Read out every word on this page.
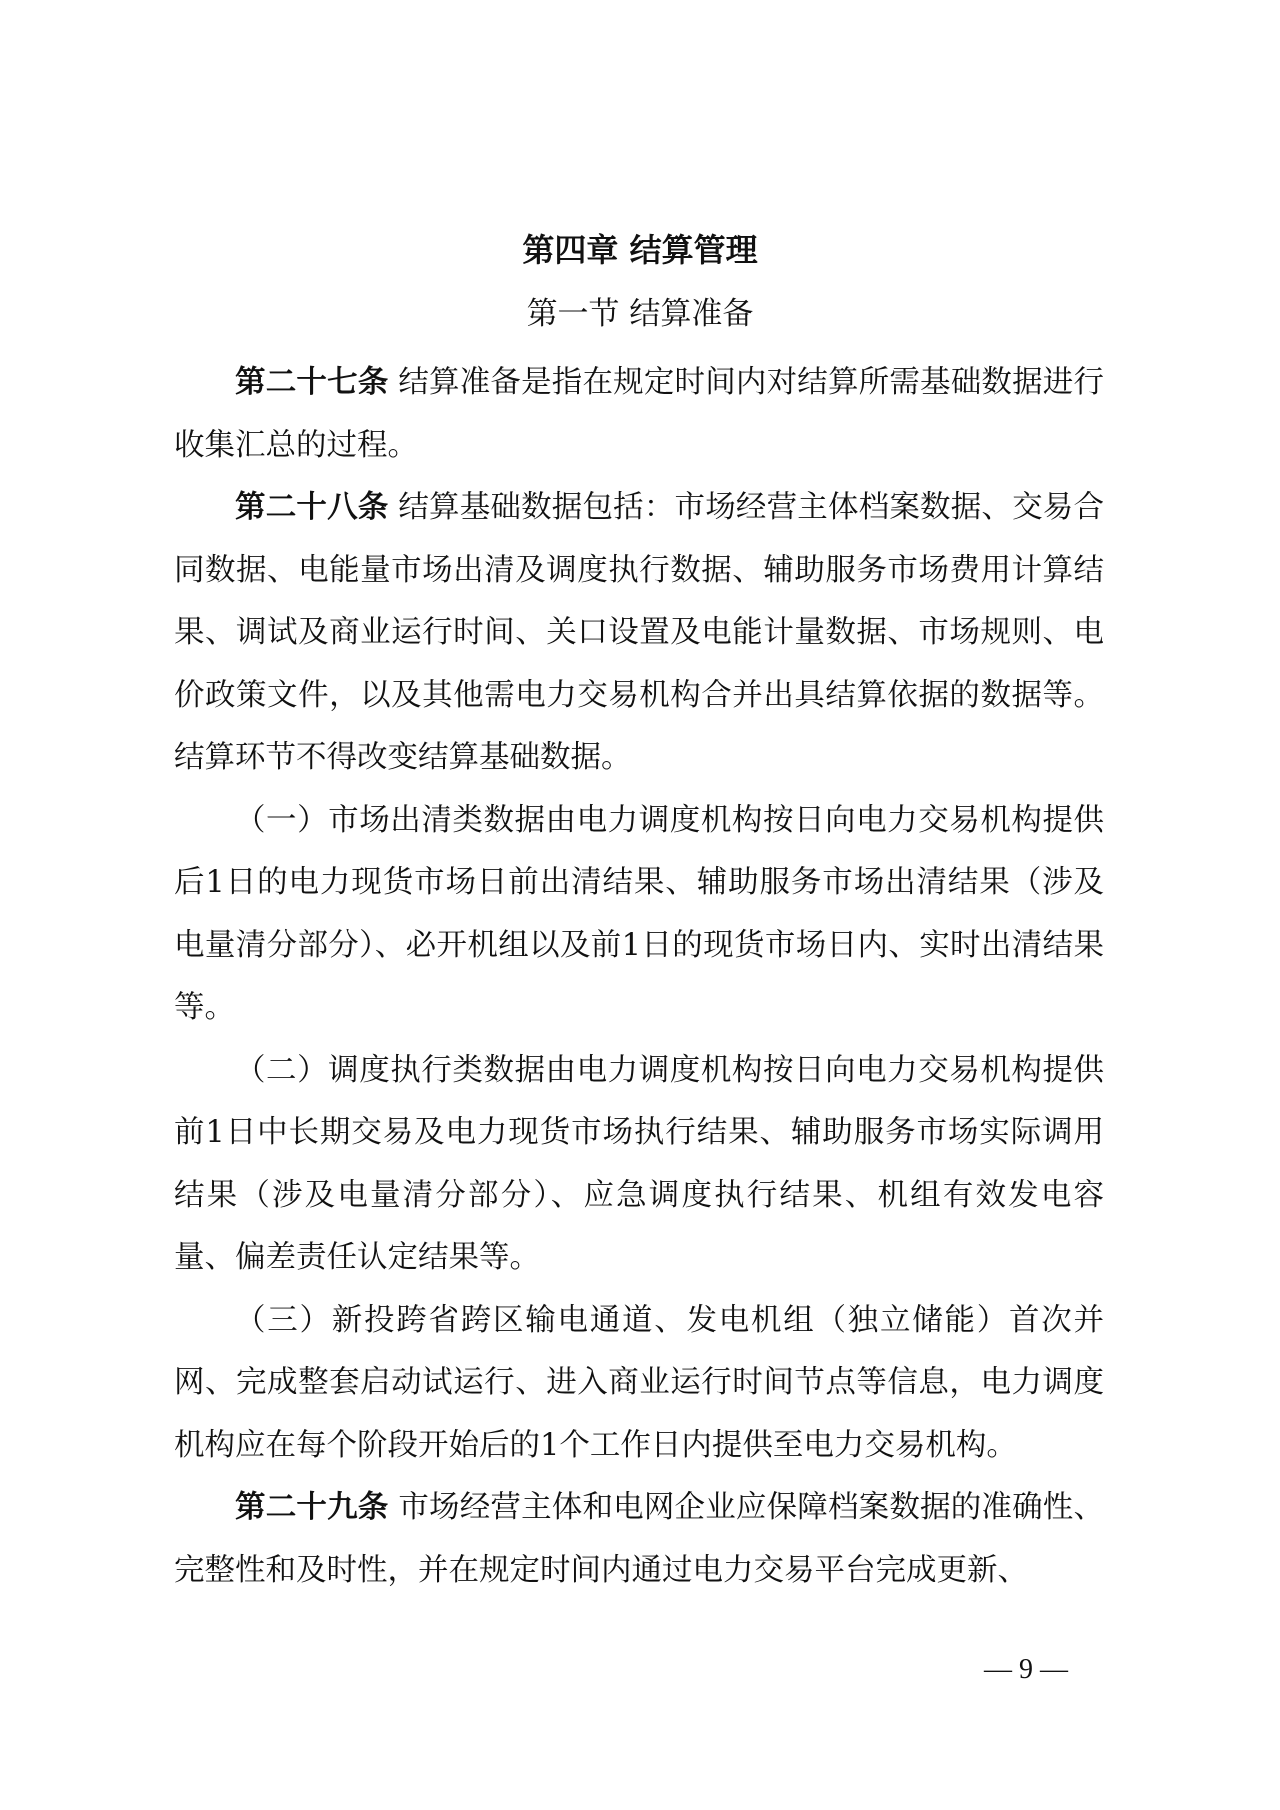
第四章 结算管理
第一节 结算准备

第二十七条 结算准备是指在规定时间内对结算所需基础数据进行收集汇总的过程。

第二十八条 结算基础数据包括：市场经营主体档案数据、交易合同数据、电能量市场出清及调度执行数据、辅助服务市场费用计算结果、调试及商业运行时间、关口设置及电能计量数据、市场规则、电价政策文件，以及其他需电力交易机构合并出具结算依据的数据等。结算环节不得改变结算基础数据。

（一）市场出清类数据由电力调度机构按日向电力交易机构提供后1日的电力现货市场日前出清结果、辅助服务市场出清结果（涉及电量清分部分）、必开机组以及前1日的现货市场日内、实时出清结果等。

（二）调度执行类数据由电力调度机构按日向电力交易机构提供前1日中长期交易及电力现货市场执行结果、辅助服务市场实际调用结果（涉及电量清分部分）、应急调度执行结果、机组有效发电容量、偏差责任认定结果等。

（三）新投跨省跨区输电通道、发电机组（独立储能）首次并网、完成整套启动试运行、进入商业运行时间节点等信息，电力调度机构应在每个阶段开始后的1个工作日内提供至电力交易机构。

第二十九条 市场经营主体和电网企业应保障档案数据的准确性、完整性和及时性，并在规定时间内通过电力交易平台完成更新、

— 9 —
